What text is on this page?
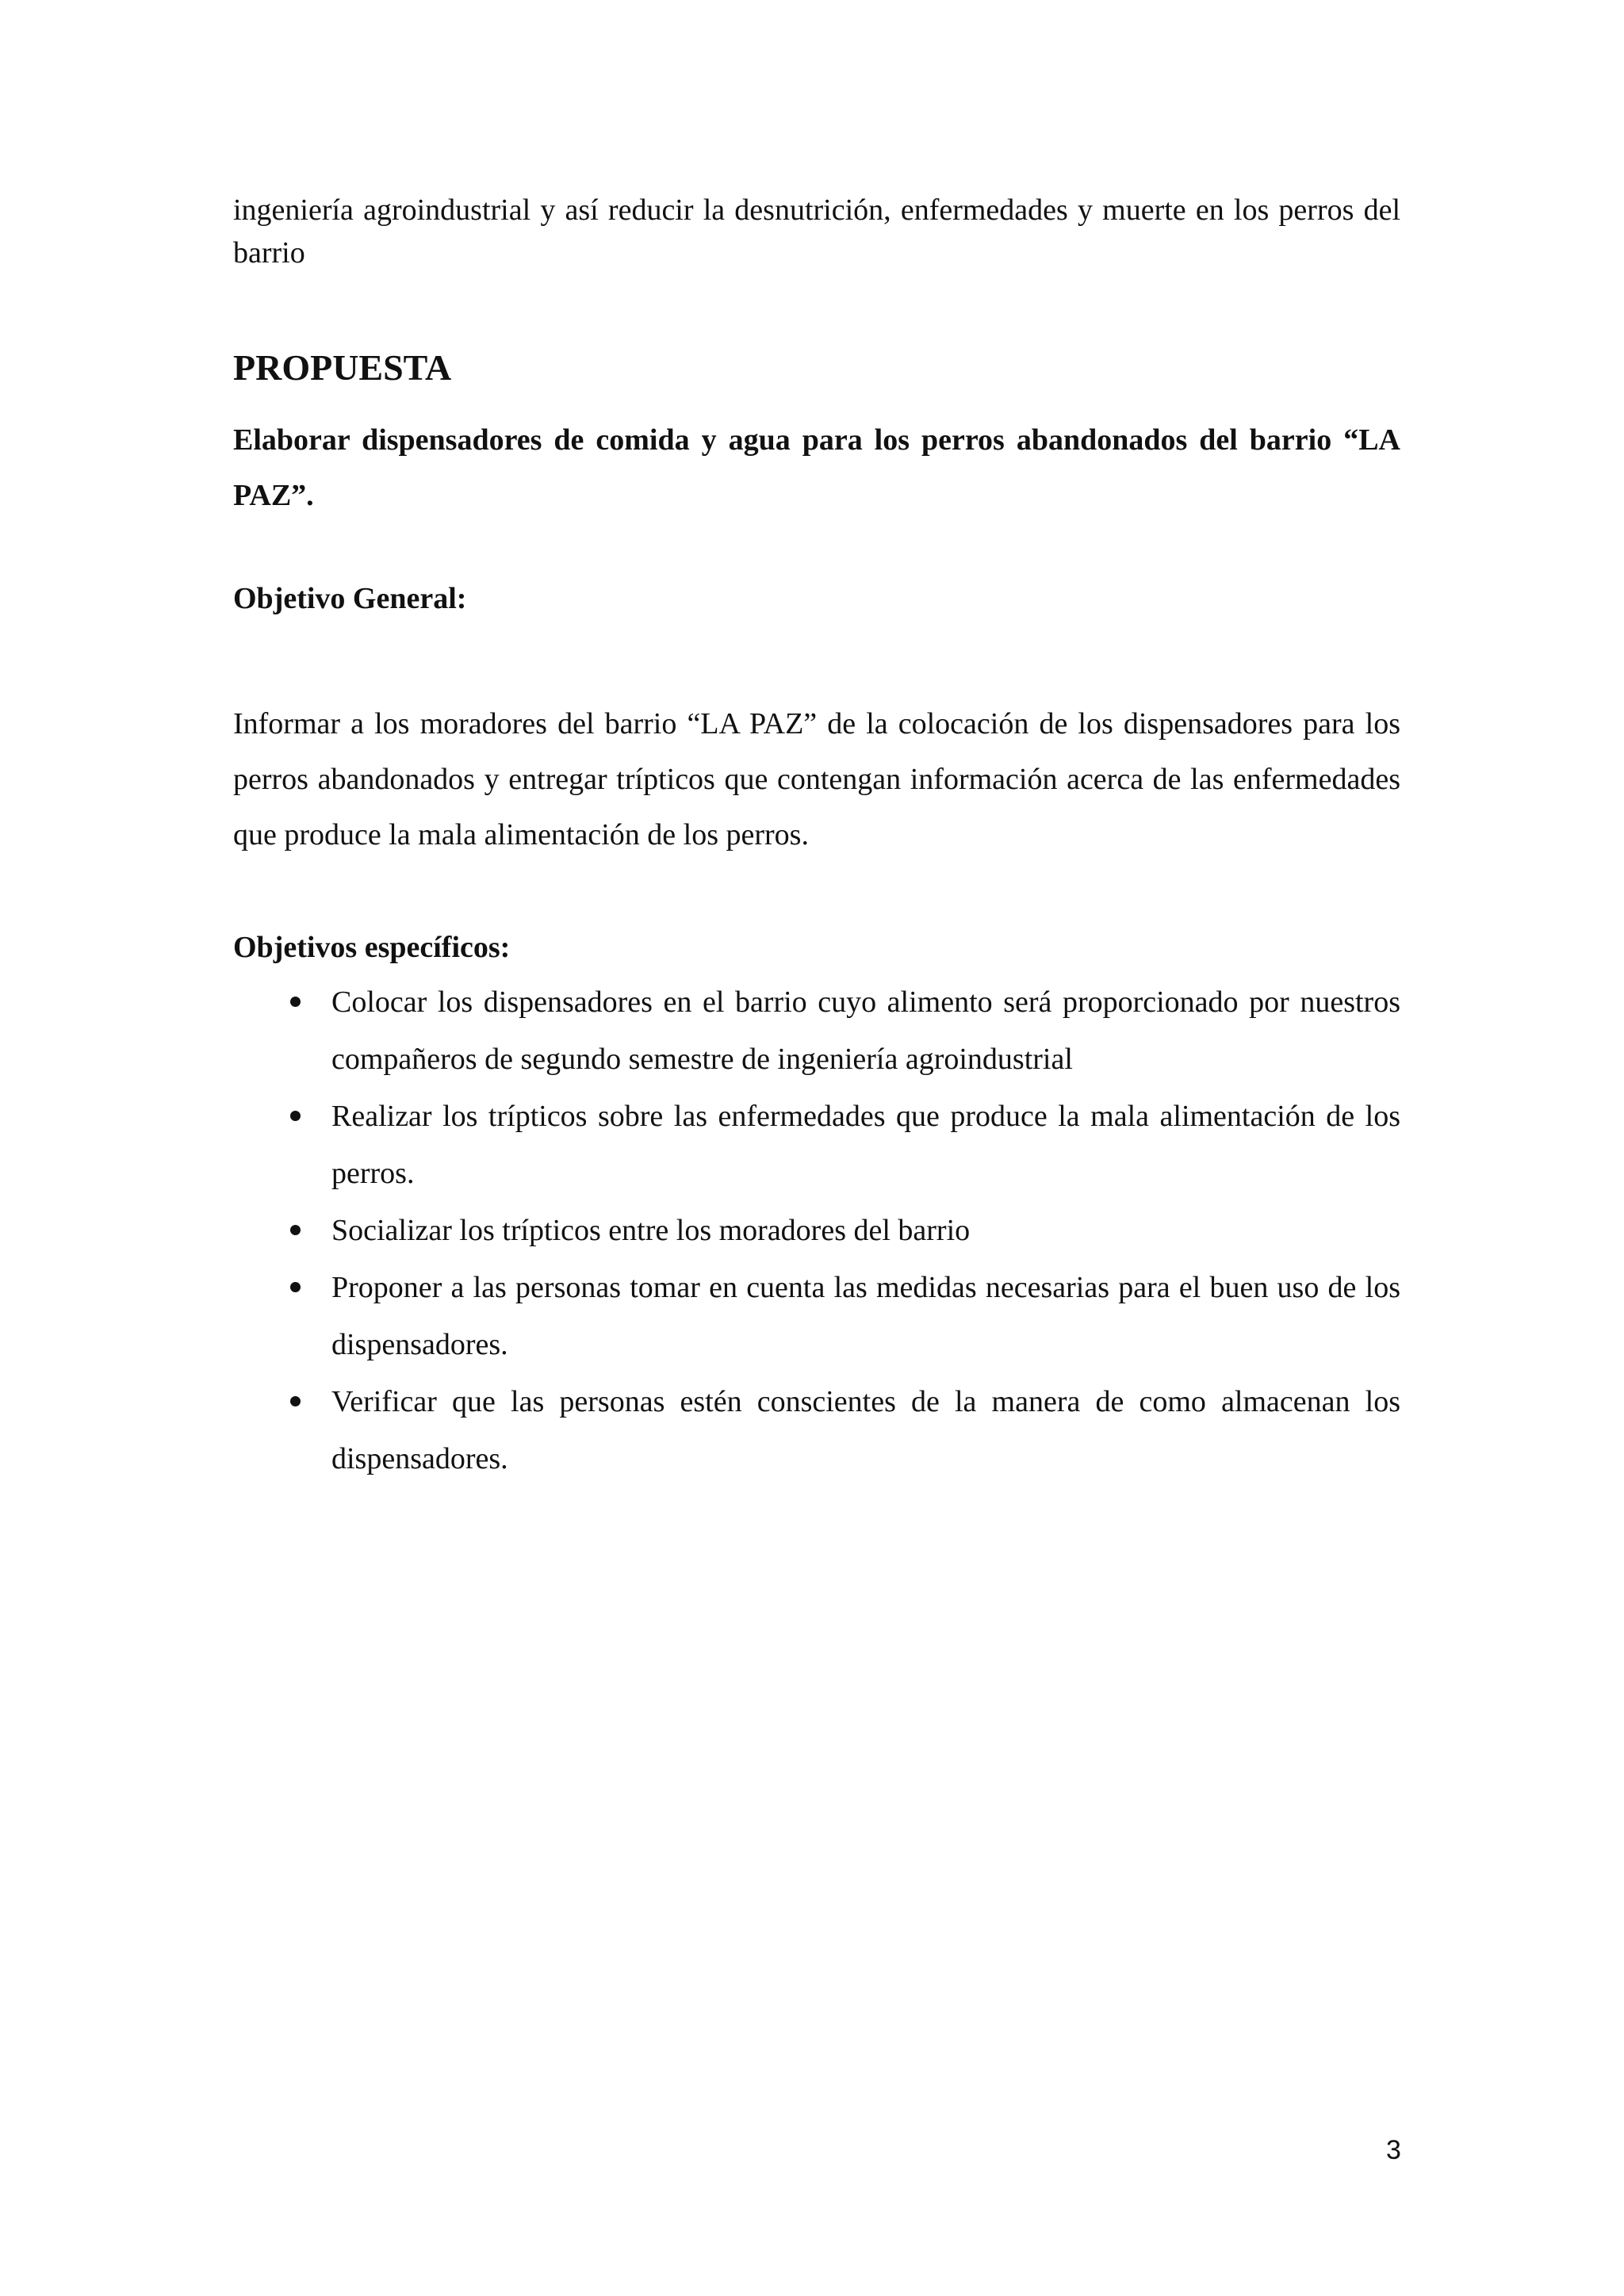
ingeniería agroindustrial y así reducir la desnutrición, enfermedades y muerte en los perros del barrio

PROPUESTA

Elaborar dispensadores de comida y agua para los perros abandonados del barrio “LA PAZ”.

Objetivo General:

Informar a los moradores del barrio “LA PAZ” de la colocación de los dispensadores para los perros abandonados y entregar trípticos que contengan información acerca de las enfermedades que produce la mala alimentación de los perros.

Objetivos específicos:
Colocar los dispensadores en el barrio cuyo alimento será proporcionado por nuestros compañeros de segundo semestre de ingeniería agroindustrial
Realizar los trípticos sobre las enfermedades que produce la mala alimentación de los perros.
Socializar los trípticos entre los moradores del barrio
Proponer a las personas tomar en cuenta las medidas necesarias para el buen uso de los dispensadores.
Verificar que las personas estén conscientes de la manera de como almacenan los dispensadores.
3
